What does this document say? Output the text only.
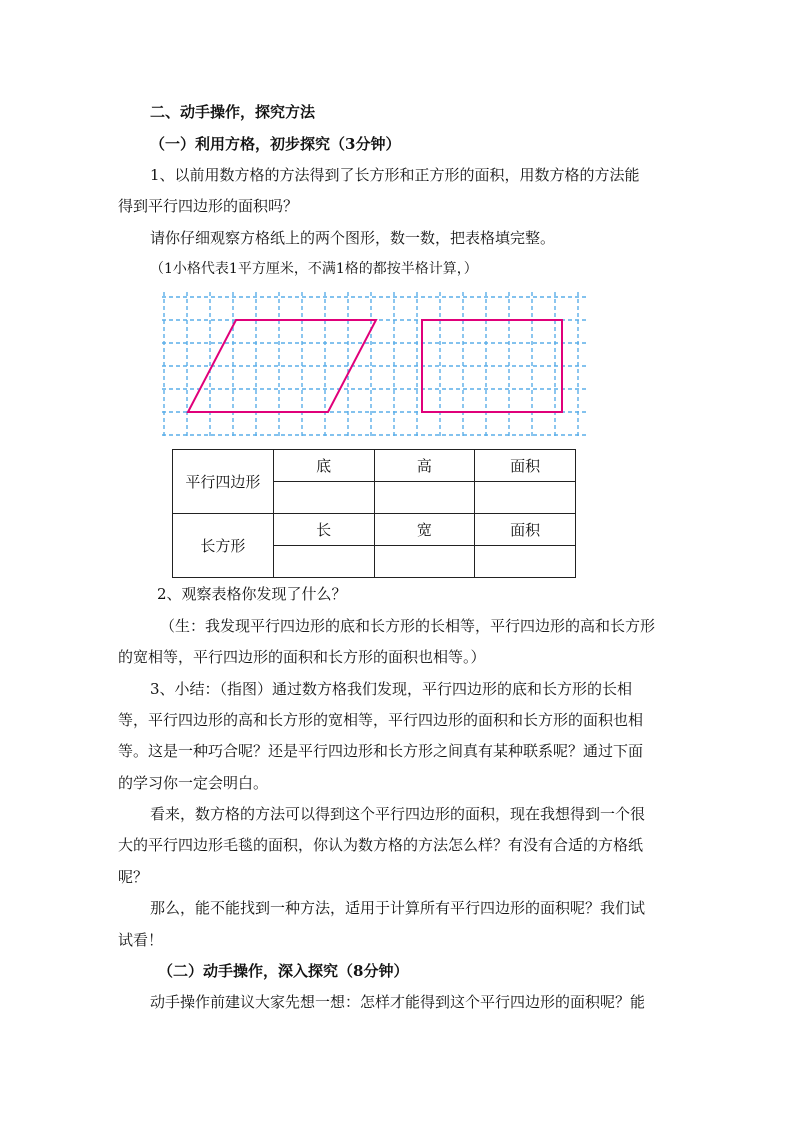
二、动手操作，探究方法
（一）利用方格，初步探究（3分钟）
1、以前用数方格的方法得到了长方形和正方形的面积，用数方格的方法能
得到平行四边形的面积吗？
请你仔细观察方格纸上的两个图形，数一数，把表格填完整。
（1小格代表1平方厘米，不满1格的都按半格计算，）
平行四边形	底	高	面积

长方形	长	宽	面积

2、观察表格你发现了什么？
（生：我发现平行四边形的底和长方形的长相等，平行四边形的高和长方形
的宽相等，平行四边形的面积和长方形的面积也相等。）
3、小结：（指图）通过数方格我们发现，平行四边形的底和长方形的长相
等，平行四边形的高和长方形的宽相等，平行四边形的面积和长方形的面积也相
等。这是一种巧合呢？还是平行四边形和长方形之间真有某种联系呢？通过下面
的学习你一定会明白。
看来，数方格的方法可以得到这个平行四边形的面积，现在我想得到一个很
大的平行四边形毛毯的面积，你认为数方格的方法怎么样？有没有合适的方格纸
呢？
那么，能不能找到一种方法，适用于计算所有平行四边形的面积呢？我们试
试看！
（二）动手操作，深入探究（8分钟）
动手操作前建议大家先想一想：怎样才能得到这个平行四边形的面积呢？能
